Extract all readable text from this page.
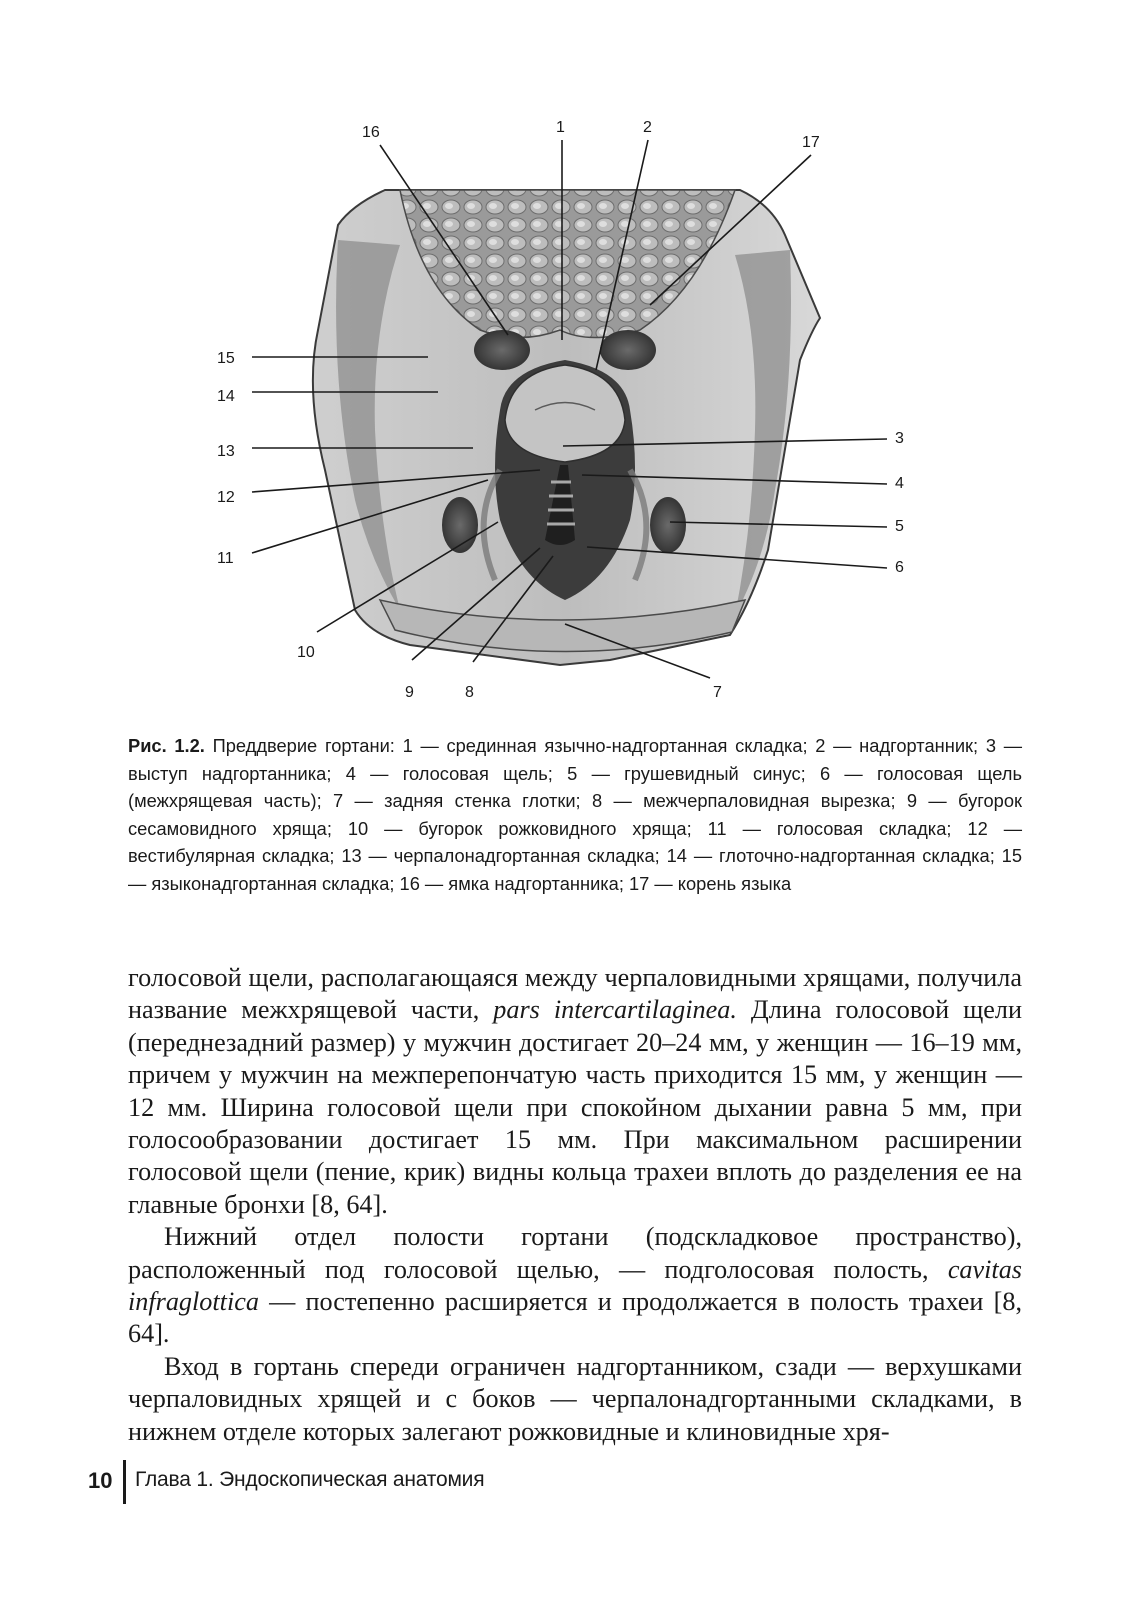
1	2
3
4
5
6
7
8
9
10
11
12
13
14
15
16
17

Рис. 1.2. Преддверие гортани: 1 — срединная язычно-надгортанная складка; 2 — надгортанник; 3 — выступ надгортанника; 4 — голосовая щель; 5 — грушевидный синус; 6 — голосовая щель (межхрящевая часть); 7 — задняя стенка глотки; 8 — межчерпаловидная вырезка; 9 — бугорок сесамовидного хряща; 10 — бугорок рожковидного хряща; 11 — голосовая складка; 12 — вестибулярная складка; 13 — черпалонадгортанная складка; 14 — глоточно-надгортанная складка; 15 — языконадгортанная складка; 16 — ямка надгортанника; 17 — корень языка

голосовой щели, располагающаяся между черпаловидными хрящами, получила название межхрящевой части, pars intercartilaginea. Длина голосовой щели (переднезадний размер) у мужчин достигает 20–24 мм, у женщин — 16–19 мм, причем у мужчин на межперепончатую часть приходится 15 мм, у женщин — 12 мм. Ширина голосовой щели при спокойном дыхании равна 5 мм, при голосообразовании достигает 15 мм. При максимальном расширении голосовой щели (пение, крик) видны кольца трахеи вплоть до разделения ее на главные бронхи [8, 64].

Нижний отдел полости гортани (подскладковое пространство), расположенный под голосовой щелью, — подголосовая полость, cavitas infraglottica — постепенно расширяется и продолжается в полость трахеи [8, 64].

Вход в гортань спереди ограничен надгортанником, сзади — верхушками черпаловидных хрящей и с боков — черпалонадгортанными складками, в нижнем отделе которых залегают рожковидные и клиновидные хря-

10 Глава 1. Эндоскопическая анатомия
